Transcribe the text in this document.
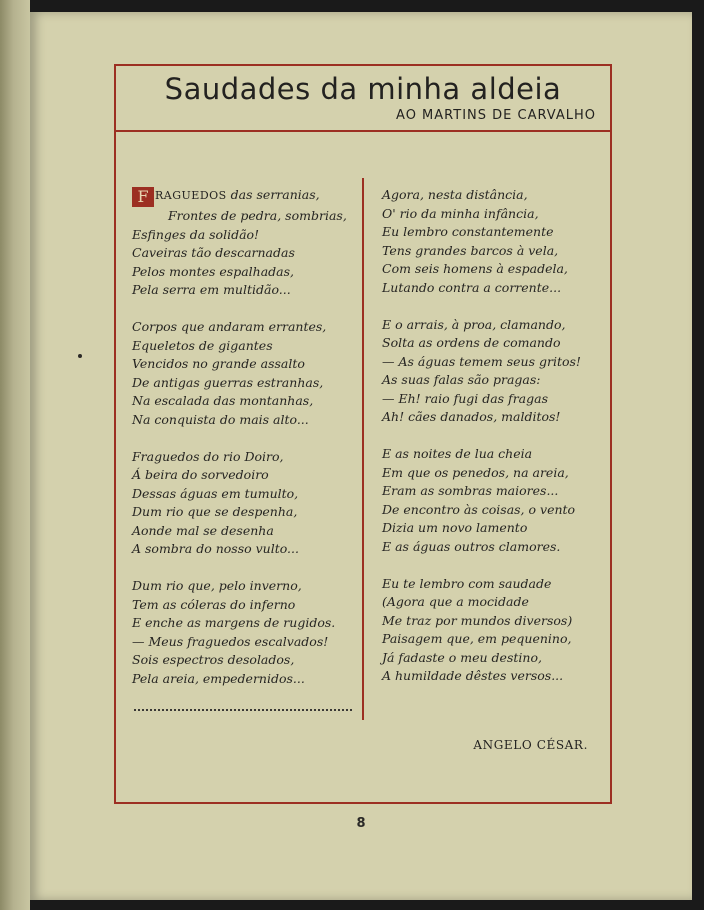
Saudades da minha aldeia
AO MARTINS DE CARVALHO
F RAGUEDOS das serranias,
Frontes de pedra, sombrias,
Esfinges da solidão!
Caveiras tão descarnadas
Pelos montes espalhadas,
Pela serra em multidão...
Corpos que andaram errantes,
Equeletos de gigantes
Vencidos no grande assalto
De antigas guerras estranhas,
Na escalada das montanhas,
Na conquista do mais alto...
Fraguedos do rio Doiro,
Á beira do sorvedoiro
Dessas águas em tumulto,
Dum rio que se despenha,
Aonde mal se desenha
A sombra do nosso vulto...
Dum rio que, pelo inverno,
Tem as cóleras do inferno
E enche as margens de rugidos.
— Meus fraguedos escalvados!
Sois espectros desolados,
Pela areia, empedernidos...
Agora, nesta distância,
O' rio da minha infância,
Eu lembro constantemente
Tens grandes barcos à vela,
Com seis homens à espadela,
Lutando contra a corrente...
E o arrais, à proa, clamando,
Solta as ordens de comando
— As águas temem seus gritos!
As suas falas são pragas:
— Eh! raio fugi das fragas
Ah! cães danados, malditos!
E as noites de lua cheia
Em que os penedos, na areia,
Eram as sombras maiores...
De encontro às coisas, o vento
Dizia um novo lamento
E as águas outros clamores.
Eu te lembro com saudade
(Agora que a mocidade
Me traz por mundos diversos)
Paisagem que, em pequenino,
Já fadaste o meu destino,
A humildade dêstes versos...
ANGELO CÉSAR.
8
